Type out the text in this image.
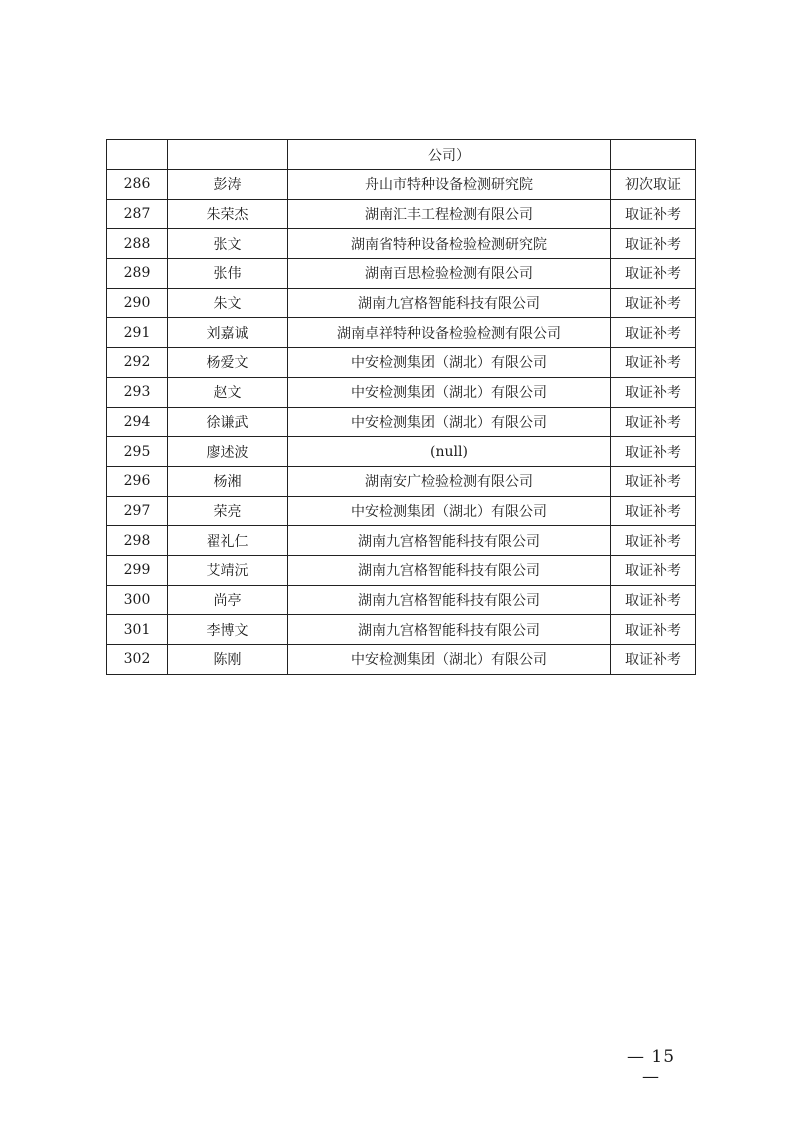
		公司）	
286	彭涛	舟山市特种设备检测研究院	初次取证
287	朱荣杰	湖南汇丰工程检测有限公司	取证补考
288	张文	湖南省特种设备检验检测研究院	取证补考
289	张伟	湖南百思检验检测有限公司	取证补考
290	朱文	湖南九宫格智能科技有限公司	取证补考
291	刘嘉诚	湖南卓祥特种设备检验检测有限公司	取证补考
292	杨爱文	中安检测集团（湖北）有限公司	取证补考
293	赵文	中安检测集团（湖北）有限公司	取证补考
294	徐谦武	中安检测集团（湖北）有限公司	取证补考
295	廖述波	(null)	取证补考
296	杨湘	湖南安广检验检测有限公司	取证补考
297	荣亮	中安检测集团（湖北）有限公司	取证补考
298	翟礼仁	湖南九宫格智能科技有限公司	取证补考
299	艾靖沅	湖南九宫格智能科技有限公司	取证补考
300	尚亭	湖南九宫格智能科技有限公司	取证补考
301	李博文	湖南九宫格智能科技有限公司	取证补考
302	陈刚	中安检测集团（湖北）有限公司	取证补考
— 15 —
